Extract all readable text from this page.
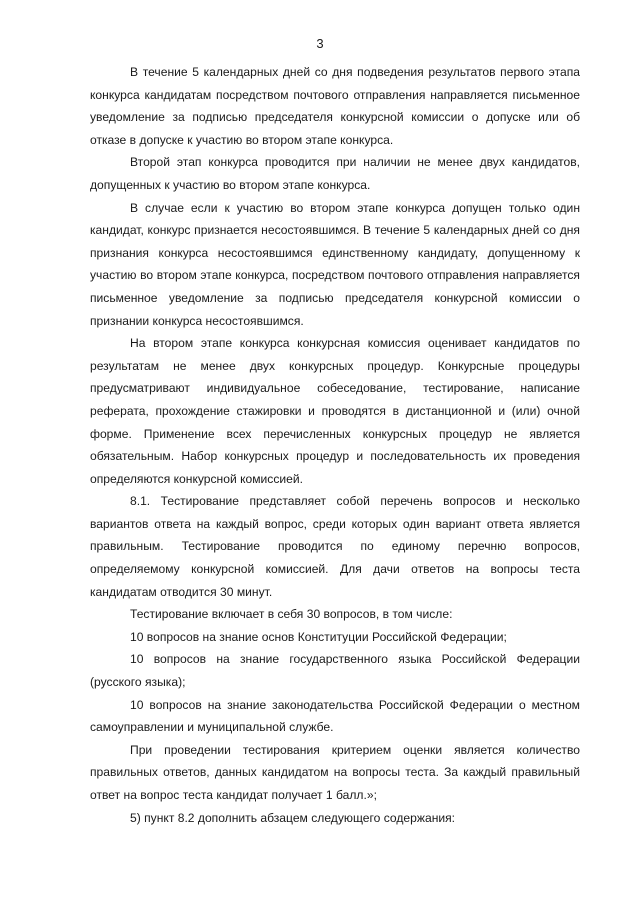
3

В течение 5 календарных дней со дня подведения результатов первого этапа конкурса кандидатам посредством почтового отправления направляется письменное уведомление за подписью председателя конкурсной комиссии о допуске или об отказе в допуске к участию во втором этапе конкурса.

Второй этап конкурса проводится при наличии не менее двух кандидатов, допущенных к участию во втором этапе конкурса.

В случае если к участию во втором этапе конкурса допущен только один кандидат, конкурс признается несостоявшимся. В течение 5 календарных дней со дня признания конкурса несостоявшимся единственному кандидату, допущенному к участию во втором этапе конкурса, посредством почтового отправления направляется письменное уведомление за подписью председателя конкурсной комиссии о признании конкурса несостоявшимся.

На втором этапе конкурса конкурсная комиссия оценивает кандидатов по результатам не менее двух конкурсных процедур. Конкурсные процедуры предусматривают индивидуальное собеседование, тестирование, написание реферата, прохождение стажировки и проводятся в дистанционной и (или) очной форме. Применение всех перечисленных конкурсных процедур не является обязательным. Набор конкурсных процедур и последовательность их проведения определяются конкурсной комиссией.

8.1. Тестирование представляет собой перечень вопросов и несколько вариантов ответа на каждый вопрос, среди которых один вариант ответа является правильным. Тестирование проводится по единому перечню вопросов, определяемому конкурсной комиссией. Для дачи ответов на вопросы теста кандидатам отводится 30 минут.

Тестирование включает в себя 30 вопросов, в том числе:

10 вопросов на знание основ Конституции Российской Федерации;

10 вопросов на знание государственного языка Российской Федерации (русского языка);

10 вопросов на знание законодательства Российской Федерации о местном самоуправлении и муниципальной службе.

При проведении тестирования критерием оценки является количество правильных ответов, данных кандидатом на вопросы теста. За каждый правильный ответ на вопрос теста кандидат получает 1 балл.»;

5) пункт 8.2 дополнить абзацем следующего содержания:
